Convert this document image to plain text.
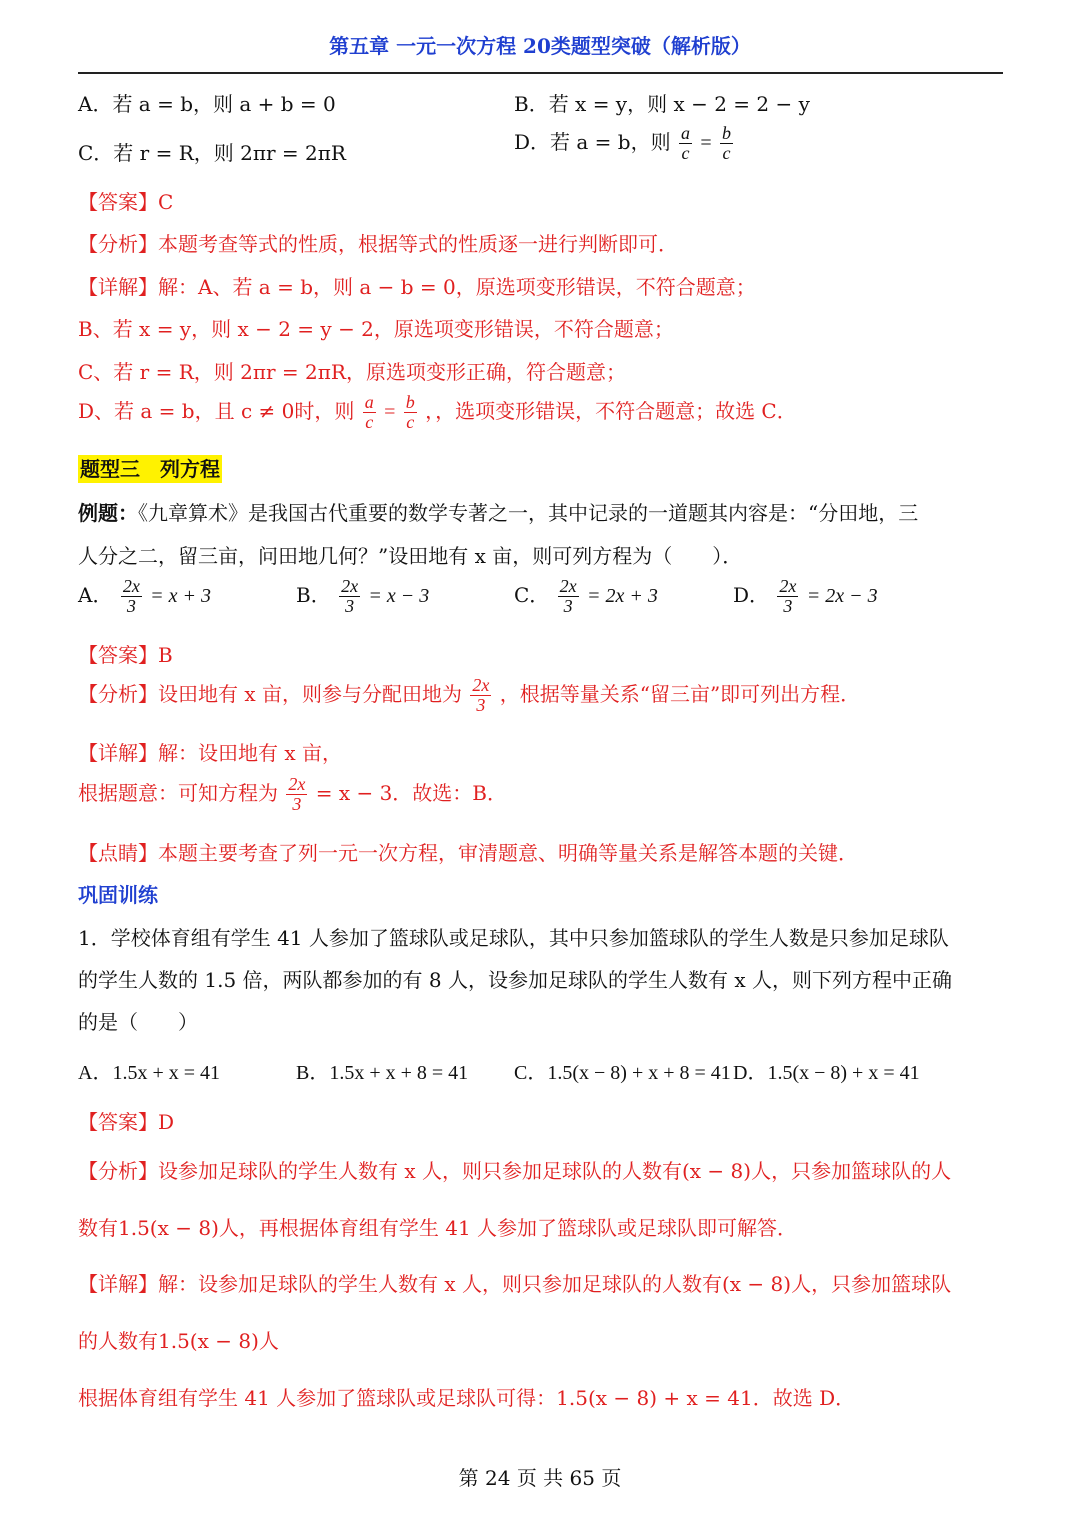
第五章 一元一次方程 20类题型突破（解析版）
A．若 a = b，则 a + b = 0	B．若 x = y，则 x − 2 = 2 − y
C．若 r = R，则 2πr = 2πR	D．若 a = b，则 $\frac{a}{c} = \frac{b}{c}$
【答案】C
【分析】本题考查等式的性质，根据等式的性质逐一进行判断即可．
【详解】解：A、若 a = b，则 a − b = 0，原选项变形错误，不符合题意；
B、若 x = y，则 x − 2 = y − 2，原选项变形错误，不符合题意；
C、若 r = R，则 2πr = 2πR，原选项变形正确，符合题意；
D、若 a = b，且 c ≠ 0时，则 $\frac{a}{c} = \frac{b}{c}$ ，，选项变形错误，不符合题意；故选 C．
题型三　列方程
例题：《九章算术》是我国古代重要的数学专著之一，其中记录的一道题其内容是：“分田地，三
人分之二，留三亩，问田地几何？”设田地有 x 亩，则可列方程为（　　）．
A． $\frac{2x}{3} = x + 3$	B． $\frac{2x}{3} = x - 3$	C． $\frac{2x}{3} = 2x + 3$	D． $\frac{2x}{3} = 2x - 3$
【答案】B
【分析】设田地有 x 亩，则参与分配田地为 $\frac{2x}{3}$ ，根据等量关系“留三亩”即可列出方程．
【详解】解：设田地有 x 亩，
根据题意：可知方程为 $\frac{2x}{3} = x - 3$．故选：B．
【点睛】本题主要考查了列一元一次方程，审清题意、明确等量关系是解答本题的关键．
巩固训练
1．学校体育组有学生 41 人参加了篮球队或足球队，其中只参加篮球队的学生人数是只参加足球队
的学生人数的 1.5 倍，两队都参加的有 8 人，设参加足球队的学生人数有 x 人，则下列方程中正确
的是（　　）
A．1.5x + x = 41	B．1.5x + x + 8 = 41 C．1.5(x − 8) + x + 8 = 41 D．1.5(x − 8) + x = 41
【答案】D
【分析】设参加足球队的学生人数有 x 人，则只参加足球队的人数有(x − 8)人，只参加篮球队的人
数有1.5(x − 8)人，再根据体育组有学生 41 人参加了篮球队或足球队即可解答．
【详解】解：设参加足球队的学生人数有 x 人，则只参加足球队的人数有(x − 8)人，只参加篮球队
的人数有1.5(x − 8)人
根据体育组有学生 41 人参加了篮球队或足球队可得：1.5(x − 8) + x = 41．故选 D．
第 24 页 共 65 页
